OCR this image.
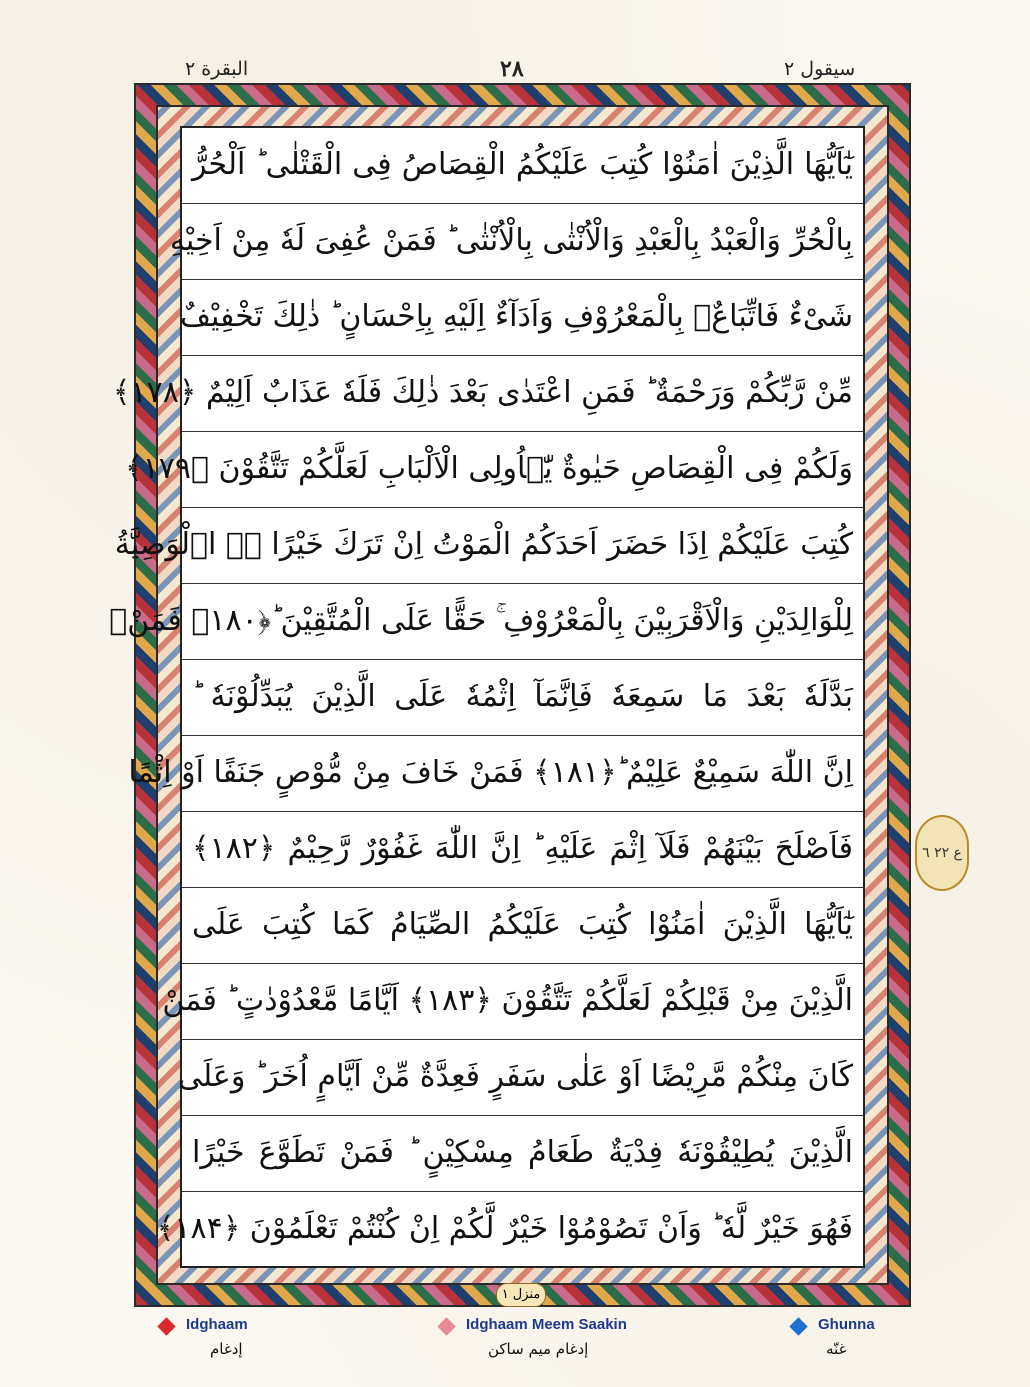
سيقول ٢
٢٨
البقرة ٢
يٰٓاَيُّهَا الَّذِيْنَ اٰمَنُوْا كُتِبَ عَلَيْكُمُ الْقِصَاصُ فِى الْقَتْلٰى ؕ اَلْحُرُّ
بِالْحُرِّ وَالْعَبْدُ بِالْعَبْدِ وَالْاُنْثٰى بِالْاُنْثٰى ؕ فَمَنْ عُفِىَ لَهٗ مِنْ اَخِيْهِ
شَىْءٌ فَاتِّبَاعٌۢ بِالْمَعْرُوْفِ وَاَدَآءٌ اِلَيْهِ بِاِحْسَانٍ ؕ ذٰلِكَ تَخْفِيْفٌ
مِّنْ رَّبِّكُمْ وَرَحْمَةٌ ؕ فَمَنِ اعْتَدٰى بَعْدَ ذٰلِكَ فَلَهٗ عَذَابٌ اَلِيْمٌ ﴿۱۷۸﴾
وَلَكُمْ فِى الْقِصَاصِ حَيٰوةٌ يّٰۤاُولِى الْاَلْبَابِ لَعَلَّكُمْ تَتَّقُوْنَ ﴿۱۷۹﴾
كُتِبَ عَلَيْكُمْ اِذَا حَضَرَ اَحَدَكُمُ الْمَوْتُ اِنْ تَرَكَ خَيْرًا ۖۚ اۨلْوَصِيَّةُ
لِلْوَالِدَيْنِ وَالْاَقْرَبِيْنَ بِالْمَعْرُوْفِ ۚ حَقًّا عَلَى الْمُتَّقِيْنَ ؕ﴿۱۸۰﴾ فَمَنْۢ
بَدَّلَهٗ بَعْدَ مَا سَمِعَهٗ فَاِنَّمَآ اِثْمُهٗ عَلَى الَّذِيْنَ يُبَدِّلُوْنَهٗ ؕ
اِنَّ اللّٰهَ سَمِيْعٌ عَلِيْمٌ ؕ﴿۱۸۱﴾ فَمَنْ خَافَ مِنْ مُّوْصٍ جَنَفًا اَوْ اِثْمًا
فَاَصْلَحَ بَيْنَهُمْ فَلَآ اِثْمَ عَلَيْهِ ؕ اِنَّ اللّٰهَ غَفُوْرٌ رَّحِيْمٌ ﴿۱۸۲﴾
يٰٓاَيُّهَا الَّذِيْنَ اٰمَنُوْا كُتِبَ عَلَيْكُمُ الصِّيَامُ كَمَا كُتِبَ عَلَى
الَّذِيْنَ مِنْ قَبْلِكُمْ لَعَلَّكُمْ تَتَّقُوْنَ ﴿۱۸۳﴾ اَيَّامًا مَّعْدُوْدٰتٍ ؕ فَمَنْ
كَانَ مِنْكُمْ مَّرِيْضًا اَوْ عَلٰى سَفَرٍ فَعِدَّةٌ مِّنْ اَيَّامٍ اُخَرَ ؕ وَعَلَى
الَّذِيْنَ يُطِيْقُوْنَهٗ فِدْيَةٌ طَعَامُ مِسْكِيْنٍ ؕ فَمَنْ تَطَوَّعَ خَيْرًا
فَهُوَ خَيْرٌ لَّهٗ ؕ وَاَنْ تَصُوْمُوْا خَيْرٌ لَّكُمْ اِنْ كُنْتُمْ تَعْلَمُوْنَ ﴿۱۸۴﴾
ع ٢٢ ٦
منزل ١
Idghaam
إدغام
Idghaam Meem Saakin
إدغام ميم ساكن
Ghunna
غنّه
